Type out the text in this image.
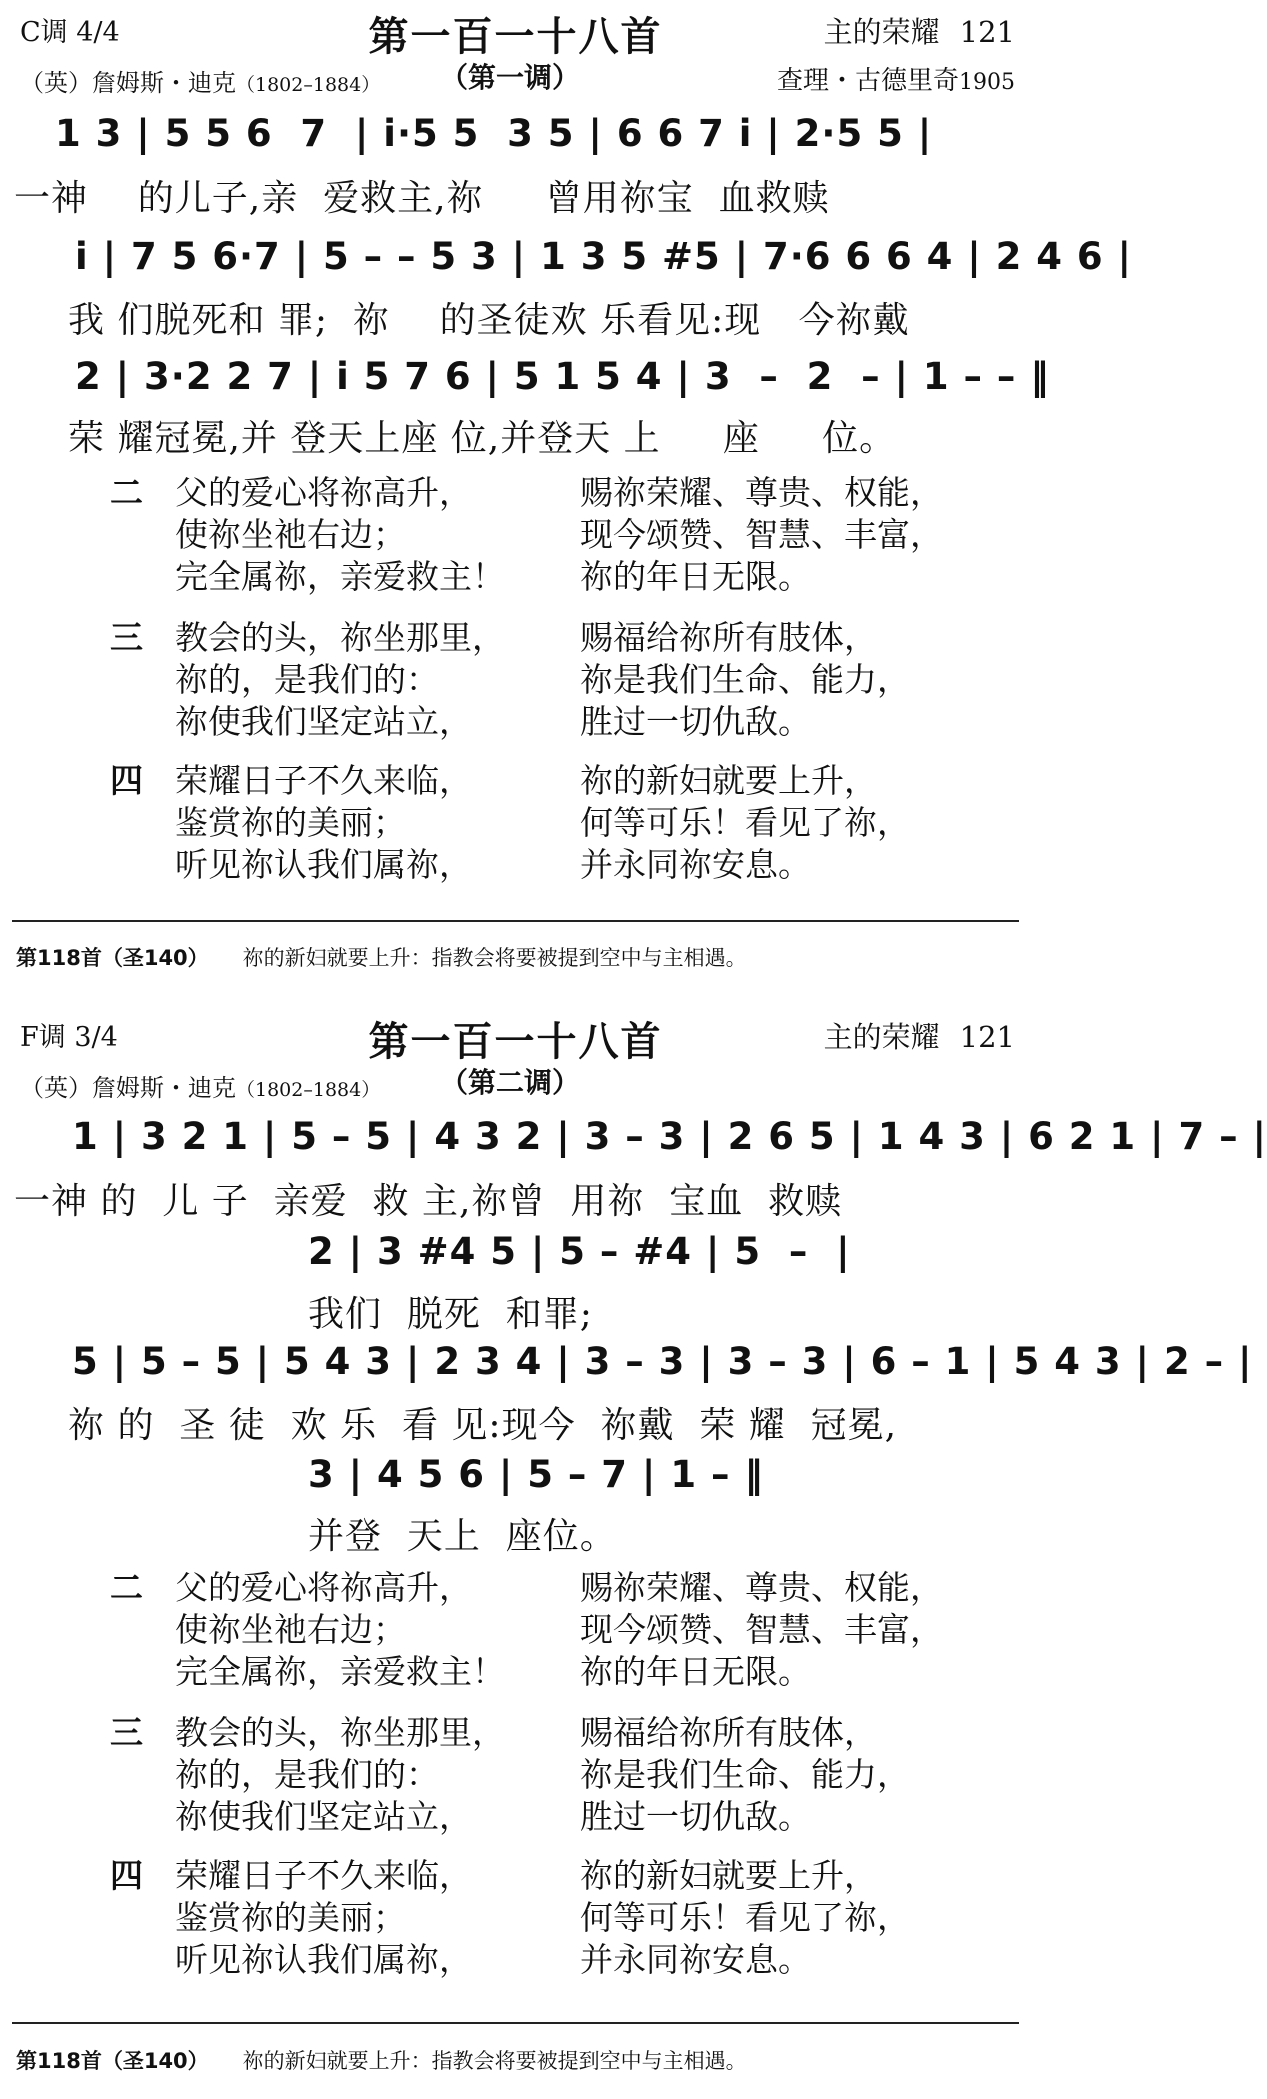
C调 4/4
（英）詹姆斯・迪克（1802–1884）
第一百一十八首
（第一调）
主的荣耀 121
查理・古德里奇1905
1 3 | 5 5 6  7  | i·5 5  3 5 | 6 6 7 i | 2·5 5 |
一神    的儿子,亲  爱救主,祢     曾用祢宝  血救赎
i | 7 5 6·7 | 5 – – 5 3 | 1 3 5 #5 | 7·6 6 6 4 | 2 4 6 |
我 们脱死和 罪;  祢    的圣徒欢 乐看见:现   今祢戴
2 | 3·2 2 7 | i 5 7 6 | 5 1 5 4 | 3  –  2  – | 1 – – ‖
荣 耀冠冕,并 登天上座 位,并登天 上     座     位。
二 父的爱心将祢高升，
使祢坐祂右边；
完全属祢，亲爱救主！
赐祢荣耀、尊贵、权能，
现今颂赞、智慧、丰富，
祢的年日无限。
三 教会的头，祢坐那里，
祢的，是我们的：
祢使我们坚定站立，
赐福给祢所有肢体，
祢是我们生命、能力，
胜过一切仇敌。
四 荣耀日子不久来临，
鉴赏祢的美丽；
听见祢认我们属祢，
祢的新妇就要上升，
何等可乐！看见了祢，
并永同祢安息。
第118首（圣140） 祢的新妇就要上升：指教会将要被提到空中与主相遇。
F调 3/4
（英）詹姆斯・迪克（1802–1884）
第一百一十八首
（第二调）
主的荣耀 121
1 | 3 2 1 | 5 – 5 | 4 3 2 | 3 – 3 | 2 6 5 | 1 4 3 | 6 2 1 | 7 – |
一神 的  儿 子  亲爱  救 主,祢曾  用祢  宝血  救赎
2 | 3 #4 5 | 5 – #4 | 5  –  |
我们  脱死  和罪;
5 | 5 – 5 | 5 4 3 | 2 3 4 | 3 – 3 | 3 – 3 | 6 – 1 | 5 4 3 | 2 – |
祢 的  圣 徒  欢 乐  看 见:现今  祢戴  荣 耀  冠冕,
3 | 4 5 6 | 5 – 7 | 1 – ‖
并登  天上  座位。
二 父的爱心将祢高升，
使祢坐祂右边；
完全属祢，亲爱救主！
赐祢荣耀、尊贵、权能，
现今颂赞、智慧、丰富，
祢的年日无限。
三 教会的头，祢坐那里，
祢的，是我们的：
祢使我们坚定站立，
赐福给祢所有肢体，
祢是我们生命、能力，
胜过一切仇敌。
四 荣耀日子不久来临，
鉴赏祢的美丽；
听见祢认我们属祢，
祢的新妇就要上升，
何等可乐！看见了祢，
并永同祢安息。
第118首（圣140） 祢的新妇就要上升：指教会将要被提到空中与主相遇。
